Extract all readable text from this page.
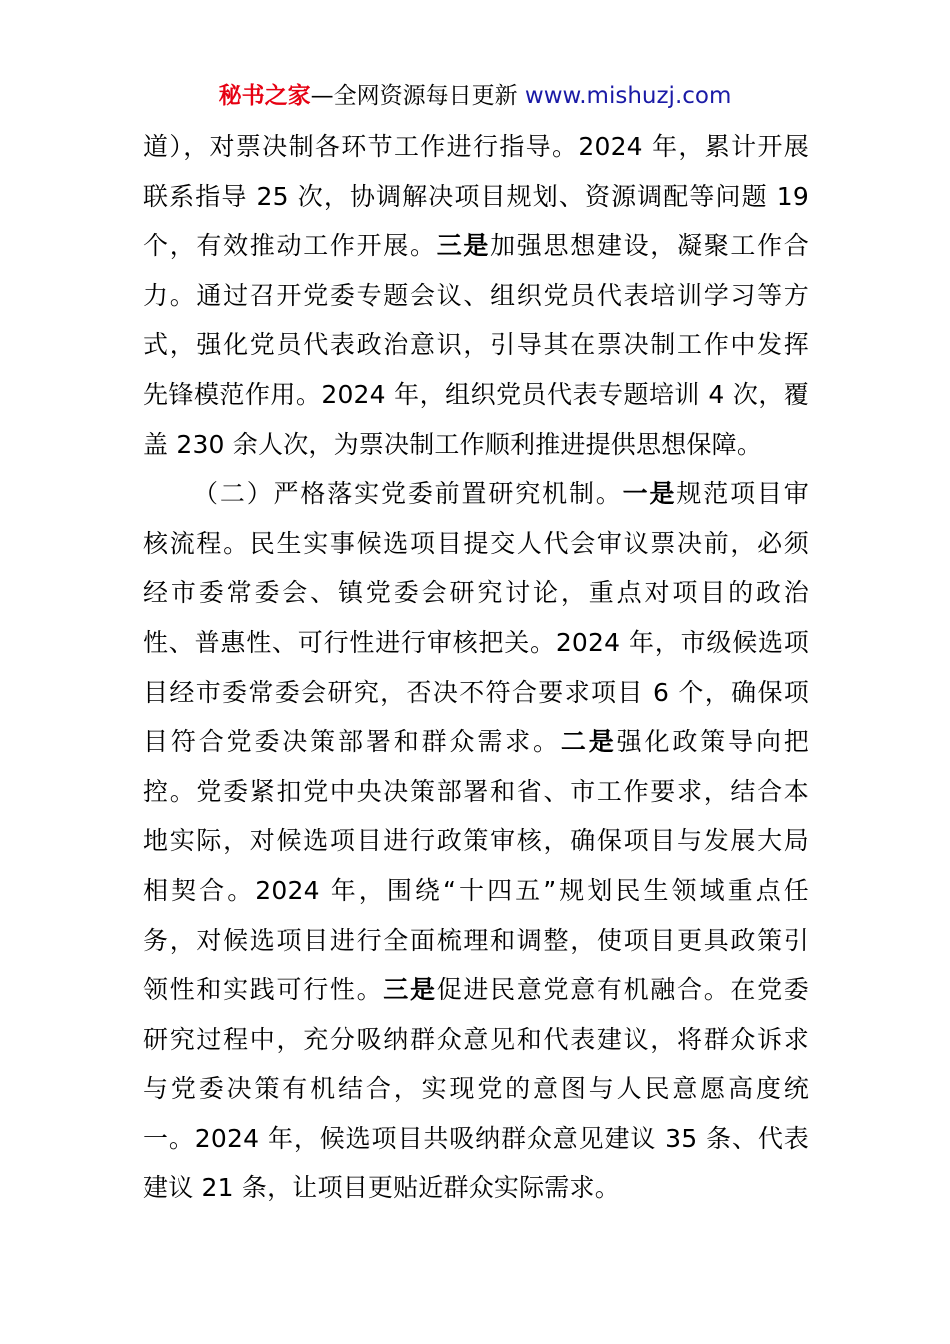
秘书之家—全网资源每日更新 www.mishuzj.com
道），对票决制各环节工作进行指导。2024 年，累计开展
联系指导 25 次，协调解决项目规划、资源调配等问题 19
个，有效推动工作开展。三是加强思想建设，凝聚工作合
力。通过召开党委专题会议、组织党员代表培训学习等方
式，强化党员代表政治意识，引导其在票决制工作中发挥
先锋模范作用。2024 年，组织党员代表专题培训 4 次，覆
盖 230 余人次，为票决制工作顺利推进提供思想保障。
（二）严格落实党委前置研究机制。一是规范项目审
核流程。民生实事候选项目提交人代会审议票决前，必须
经市委常委会、镇党委会研究讨论，重点对项目的政治
性、普惠性、可行性进行审核把关。2024 年，市级候选项
目经市委常委会研究，否决不符合要求项目 6 个，确保项
目符合党委决策部署和群众需求。二是强化政策导向把
控。党委紧扣党中央决策部署和省、市工作要求，结合本
地实际，对候选项目进行政策审核，确保项目与发展大局
相契合。2024 年，围绕“十四五”规划民生领域重点任
务，对候选项目进行全面梳理和调整，使项目更具政策引
领性和实践可行性。三是促进民意党意有机融合。在党委
研究过程中，充分吸纳群众意见和代表建议，将群众诉求
与党委决策有机结合，实现党的意图与人民意愿高度统
一。2024 年，候选项目共吸纳群众意见建议 35 条、代表
建议 21 条，让项目更贴近群众实际需求。
